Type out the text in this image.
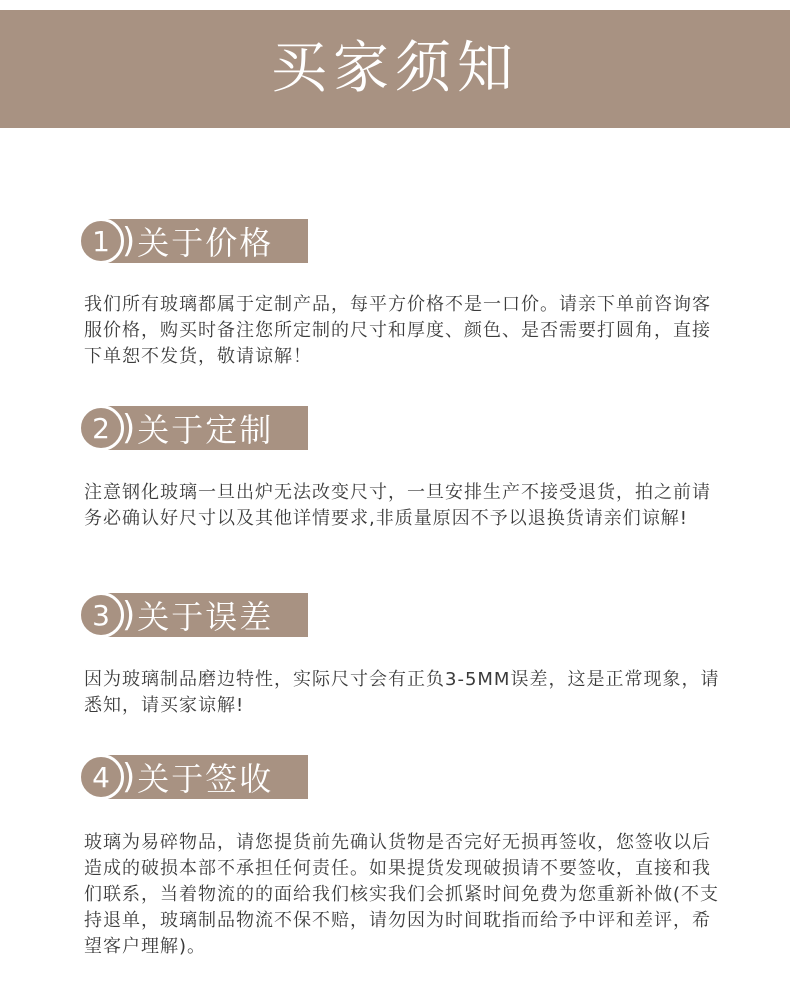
买家须知
1 ) 关于价格

我们所有玻璃都属于定制产品，每平方价格不是一口价。请亲下单前咨询客服价格，购买时备注您所定制的尺寸和厚度、颜色、是否需要打圆角，直接下单恕不发货，敬请谅解！

2 ) 关于定制

注意钢化玻璃一旦出炉无法改变尺寸，一旦安排生产不接受退货，拍之前请务必确认好尺寸以及其他详情要求,非质量原因不予以退换货请亲们谅解!

3 ) 关于误差

因为玻璃制品磨边特性，实际尺寸会有正负3-5MM误差，这是正常现象，请悉知，请买家谅解!

4 ) 关于签收

玻璃为易碎物品，请您提货前先确认货物是否完好无损再签收，您签收以后造成的破损本部不承担任何责任。如果提货发现破损请不要签收，直接和我们联系，当着物流的的面给我们核实我们会抓紧时间免费为您重新补做(不支持退单，玻璃制品物流不保不赔，请勿因为时间耽指而给予中评和差评，希望客户理解)。
